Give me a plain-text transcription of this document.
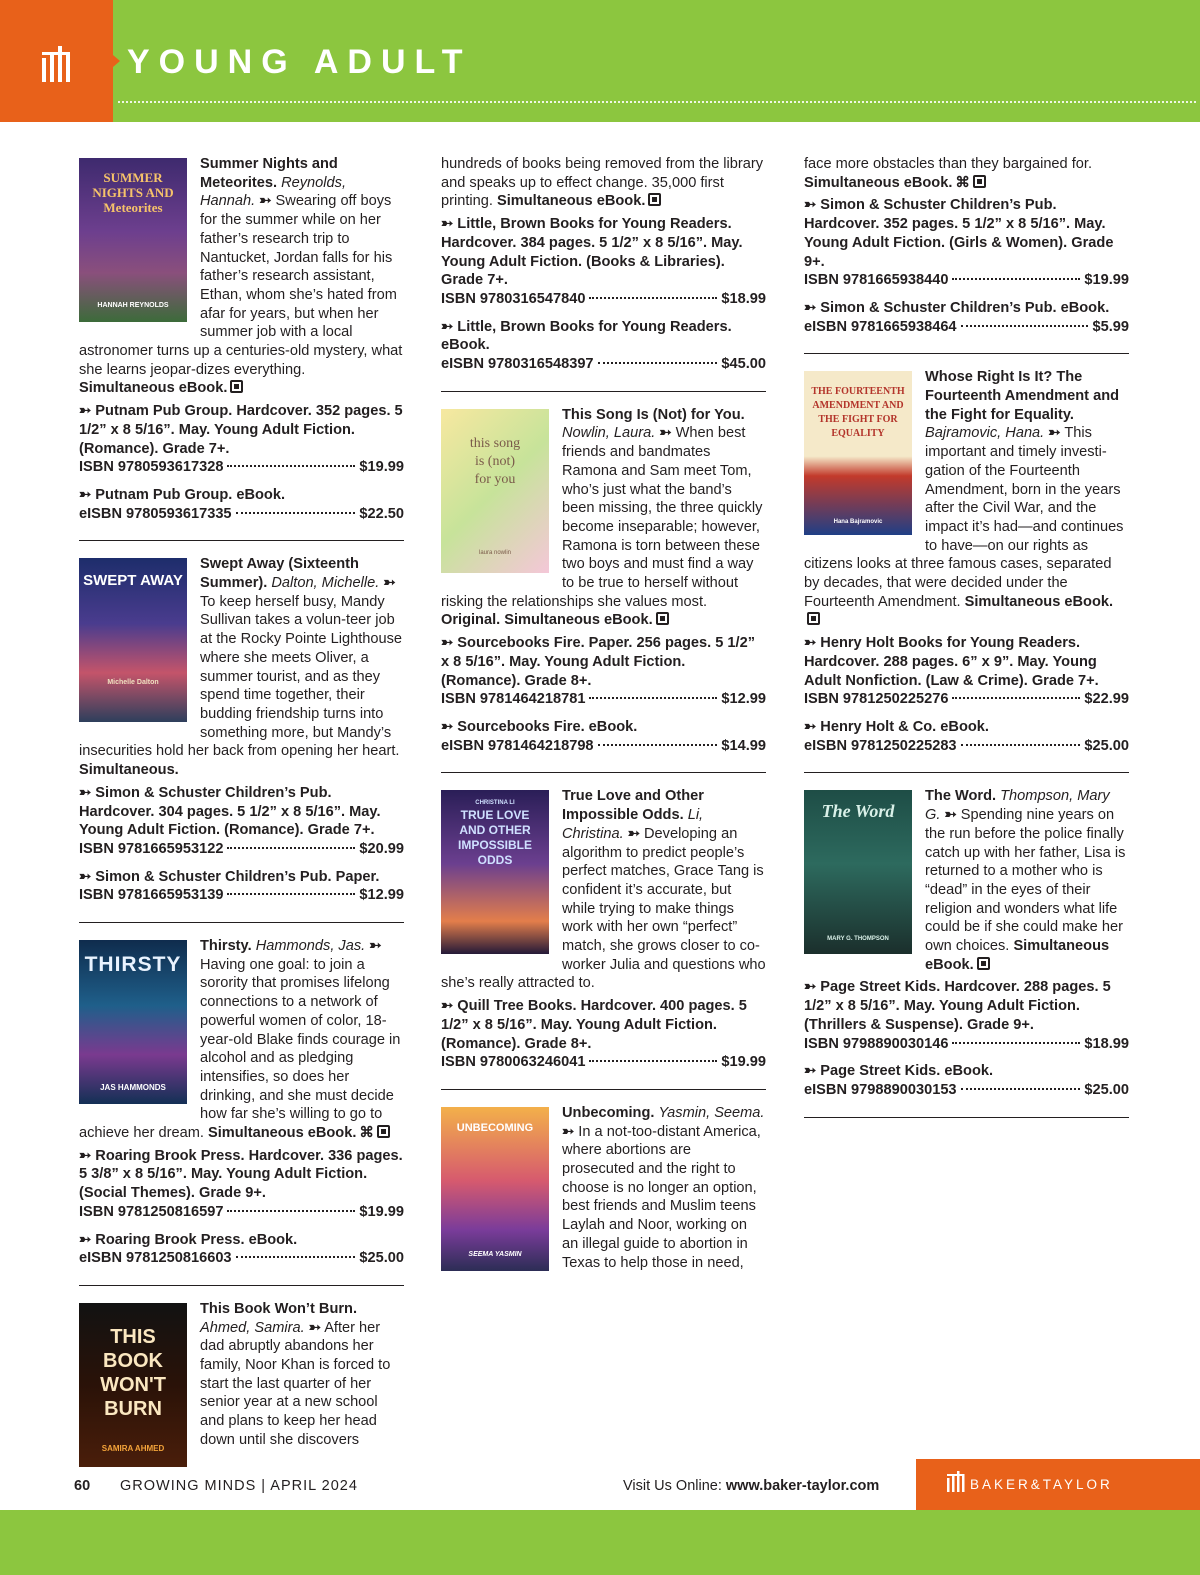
YOUNG ADULT
SUMMER NIGHTS AND Meteorites
HANNAH REYNOLDS
Summer Nights and Meteorites. Reynolds, Hannah. ➳ Swearing off boys for the summer while on her father’s research trip to Nantucket, Jordan falls for his father’s research assistant, Ethan, whom she’s hated from afar for years, but when her summer job with a local astronomer turns up a centuries-old mystery, what she learns jeopar-dizes everything. Simultaneous eBook.
➳ Putnam Pub Group. Hardcover. 352 pages. 5 1/2” x 8 5/16”. May. Young Adult Fiction. (Romance). Grade 7+.
ISBN 9780593617328	$19.99
➳ Putnam Pub Group. eBook.
eISBN 9780593617335	$22.50
SWEPT AWAY
Michelle Dalton
Swept Away (Sixteenth Summer). Dalton, Michelle. ➳ To keep herself busy, Mandy Sullivan takes a volun-teer job at the Rocky Pointe Lighthouse where she meets Oliver, a summer tourist, and as they spend time together, their budding friendship turns into something more, but Mandy’s insecurities hold her back from opening her heart. Simultaneous.
➳ Simon & Schuster Children’s Pub. Hardcover. 304 pages. 5 1/2” x 8 5/16”. May. Young Adult Fiction. (Romance). Grade 7+.
ISBN 9781665953122	$20.99
➳ Simon & Schuster Children’s Pub. Paper.
ISBN 9781665953139	$12.99
THIRSTY
JAS HAMMONDS
Thirsty. Hammonds, Jas. ➳ Having one goal: to join a sorority that promises lifelong connections to a network of powerful women of color, 18-year-old Blake finds courage in alcohol and as pledging intensifies, so does her drinking, and she must decide how far she’s willing to go to achieve her dream. Simultaneous eBook. ⌘
➳ Roaring Brook Press. Hardcover. 336 pages. 5 3/8” x 8 5/16”. May. Young Adult Fiction. (Social Themes). Grade 9+.
ISBN 9781250816597	$19.99
➳ Roaring Brook Press. eBook.
eISBN 9781250816603	$25.00
THIS BOOK WON'T BURN
SAMIRA AHMED
This Book Won’t Burn. Ahmed, Samira. ➳ After her dad abruptly abandons her family, Noor Khan is forced to start the last quarter of her senior year at a new school and plans to keep her head down until she discovers
hundreds of books being removed from the library and speaks up to effect change. 35,000 first printing. Simultaneous eBook.
➳ Little, Brown Books for Young Readers. Hardcover. 384 pages. 5 1/2” x 8 5/16”. May. Young Adult Fiction. (Books & Libraries). Grade 7+.
ISBN 9780316547840	$18.99
➳ Little, Brown Books for Young Readers. eBook.
eISBN 9780316548397	$45.00
this song is (not) for you
laura nowlin
This Song Is (Not) for You. Nowlin, Laura. ➳ When best friends and bandmates Ramona and Sam meet Tom, who’s just what the band’s been missing, the three quickly become inseparable; however, Ramona is torn between these two boys and must find a way to be true to herself without risking the relationships she values most. Original. Simultaneous eBook.
➳ Sourcebooks Fire. Paper. 256 pages. 5 1/2” x 8 5/16”. May. Young Adult Fiction. (Romance). Grade 8+.
ISBN 9781464218781	$12.99
➳ Sourcebooks Fire. eBook.
eISBN 9781464218798	$14.99
TRUE LOVE AND OTHER IMPOSSIBLE ODDS
CHRISTINA LI	True Love and Other Impossible Odds. Li, Christina. ➳ Developing an algorithm to predict people’s perfect matches, Grace Tang is confident it’s accurate, but while trying to make things work with her own “perfect” match, she grows closer to co-worker Julia and questions who she’s really attracted to.
➳ Quill Tree Books. Hardcover. 400 pages. 5 1/2” x 8 5/16”. May. Young Adult Fiction. (Romance). Grade 8+.
ISBN 9780063246041	$19.99
UNBECOMING
SEEMA YASMIN
Unbecoming. Yasmin, Seema. ➳ In a not-too-distant America, where abortions are prosecuted and the right to choose is no longer an option, best friends and Muslim teens Laylah and Noor, working on an illegal guide to abortion in Texas to help those in need,
face more obstacles than they bargained for. Simultaneous eBook. ⌘
➳ Simon & Schuster Children’s Pub. Hardcover. 352 pages. 5 1/2” x 8 5/16”. May. Young Adult Fiction. (Girls & Women). Grade 9+.
ISBN 9781665938440	$19.99
➳ Simon & Schuster Children’s Pub. eBook.
eISBN 9781665938464	$5.99
THE FOURTEENTH AMENDMENT AND THE FIGHT FOR EQUALITY
Hana Bajramovic
Whose Right Is It? The Fourteenth Amendment and the Fight for Equality. Bajramovic, Hana. ➳ This important and timely investi-gation of the Fourteenth Amendment, born in the years after the Civil War, and the impact it’s had—and continues to have—on our rights as citizens looks at three famous cases, separated by decades, that were decided under the Fourteenth Amendment. Simultaneous eBook.
➳ Henry Holt Books for Young Readers. Hardcover. 288 pages. 6” x 9”. May. Young Adult Nonfiction. (Law & Crime). Grade 7+.
ISBN 9781250225276	$22.99
➳ Henry Holt & Co. eBook.
eISBN 9781250225283	$25.00
The Word
MARY G. THOMPSON
The Word. Thompson, Mary G. ➳ Spending nine years on the run before the police finally catch up with her father, Lisa is returned to a mother who is “dead” in the eyes of their religion and wonders what life could be if she could make her own choices. Simultaneous eBook.
➳ Page Street Kids. Hardcover. 288 pages. 5 1/2” x 8 5/16”. May. Young Adult Fiction. (Thrillers & Suspense). Grade 9+.
ISBN 9798890030146	$18.99
➳ Page Street Kids. eBook.
eISBN 9798890030153	$25.00
60 GROWING MINDS | APRIL 2024	Visit Us Online: www.baker-taylor.com	BAKER&TAYLOR
